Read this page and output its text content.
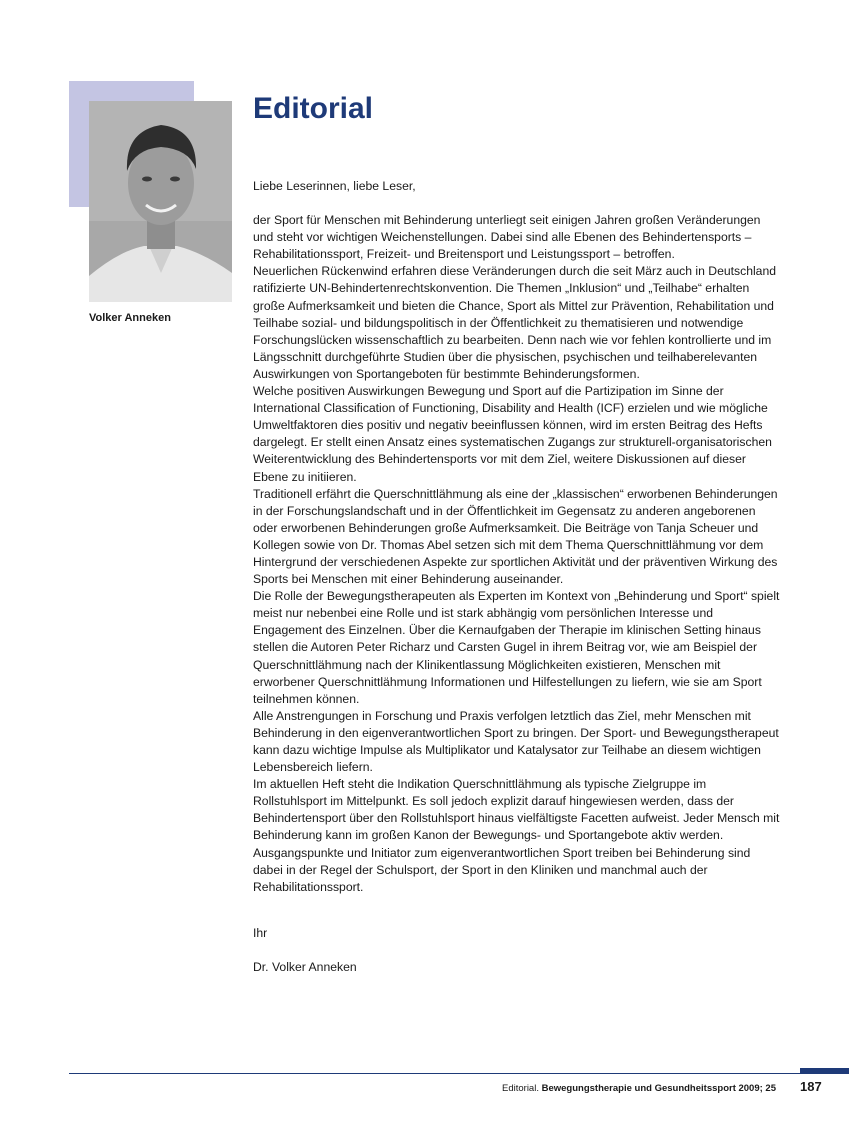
Volker Anneken
Editorial

Liebe Leserinnen, liebe Leser,

der Sport für Menschen mit Behinderung unterliegt seit einigen Jahren großen Veränderungen und steht vor wichtigen Weichenstellungen. Dabei sind alle Ebenen des Behindertensports – Rehabilitationssport, Freizeit- und Breitensport und Leistungssport – betroffen.

Neuerlichen Rückenwind erfahren diese Veränderungen durch die seit März auch in Deutschland ratifizierte UN-Behindertenrechtskonvention. Die Themen „Inklusion“ und „Teilhabe“ erhalten große Aufmerksamkeit und bieten die Chance, Sport als Mittel zur Prävention, Rehabilitation und Teilhabe sozial- und bildungspolitisch in der Öffentlichkeit zu thematisieren und notwendige Forschungslücken wissenschaftlich zu bearbeiten. Denn nach wie vor fehlen kontrollierte und im Längsschnitt durchgeführte Studien über die physischen, psychischen und teilhaberelevanten Auswirkungen von Sportangeboten für bestimmte Behinderungsformen.

Welche positiven Auswirkungen Bewegung und Sport auf die Partizipation im Sinne der International Classification of Functioning, Disability and Health (ICF) erzielen und wie mögliche Umweltfaktoren dies positiv und negativ beeinflussen können, wird im ersten Beitrag des Hefts dargelegt. Er stellt einen Ansatz eines systematischen Zugangs zur strukturell-organisatorischen Weiterentwicklung des Behindertensports vor mit dem Ziel, weitere Diskussionen auf dieser Ebene zu initiieren.

Traditionell erfährt die Querschnittlähmung als eine der „klassischen“ erworbenen Behinderungen in der Forschungslandschaft und in der Öffentlichkeit im Gegensatz zu anderen angeborenen oder erworbenen Behinderungen große Aufmerksamkeit. Die Beiträge von Tanja Scheuer und Kollegen sowie von Dr. Thomas Abel setzen sich mit dem Thema Querschnittlähmung vor dem Hintergrund der verschiedenen Aspekte zur sportlichen Aktivität und der präventiven Wirkung des Sports bei Menschen mit einer Behinderung auseinander.

Die Rolle der Bewegungstherapeuten als Experten im Kontext von „Behinderung und Sport“ spielt meist nur nebenbei eine Rolle und ist stark abhängig vom persönlichen Interesse und Engagement des Einzelnen. Über die Kernaufgaben der Therapie im klinischen Setting hinaus stellen die Autoren Peter Richarz und Carsten Gugel in ihrem Beitrag vor, wie am Beispiel der Querschnittlähmung nach der Klinikentlassung Möglichkeiten existieren, Menschen mit erworbener Querschnittlähmung Informationen und Hilfestellungen zu liefern, wie sie am Sport teilnehmen können.

Alle Anstrengungen in Forschung und Praxis verfolgen letztlich das Ziel, mehr Menschen mit Behinderung in den eigenverantwortlichen Sport zu bringen. Der Sport- und Bewegungstherapeut kann dazu wichtige Impulse als Multiplikator und Katalysator zur Teilhabe an diesem wichtigen Lebensbereich liefern.

Im aktuellen Heft steht die Indikation Querschnittlähmung als typische Zielgruppe im Rollstuhlsport im Mittelpunkt. Es soll jedoch explizit darauf hingewiesen werden, dass der Behindertensport über den Rollstuhlsport hinaus vielfältigste Facetten aufweist. Jeder Mensch mit Behinderung kann im großen Kanon der Bewegungs- und Sportangebote aktiv werden. Ausgangspunkte und Initiator zum eigenverantwortlichen Sport treiben bei Behinderung sind dabei in der Regel der Schulsport, der Sport in den Kliniken und manchmal auch der Rehabilitationssport.

Ihr

Dr. Volker Anneken

Editorial. Bewegungstherapie und Gesundheitssport 2009; 25 187
